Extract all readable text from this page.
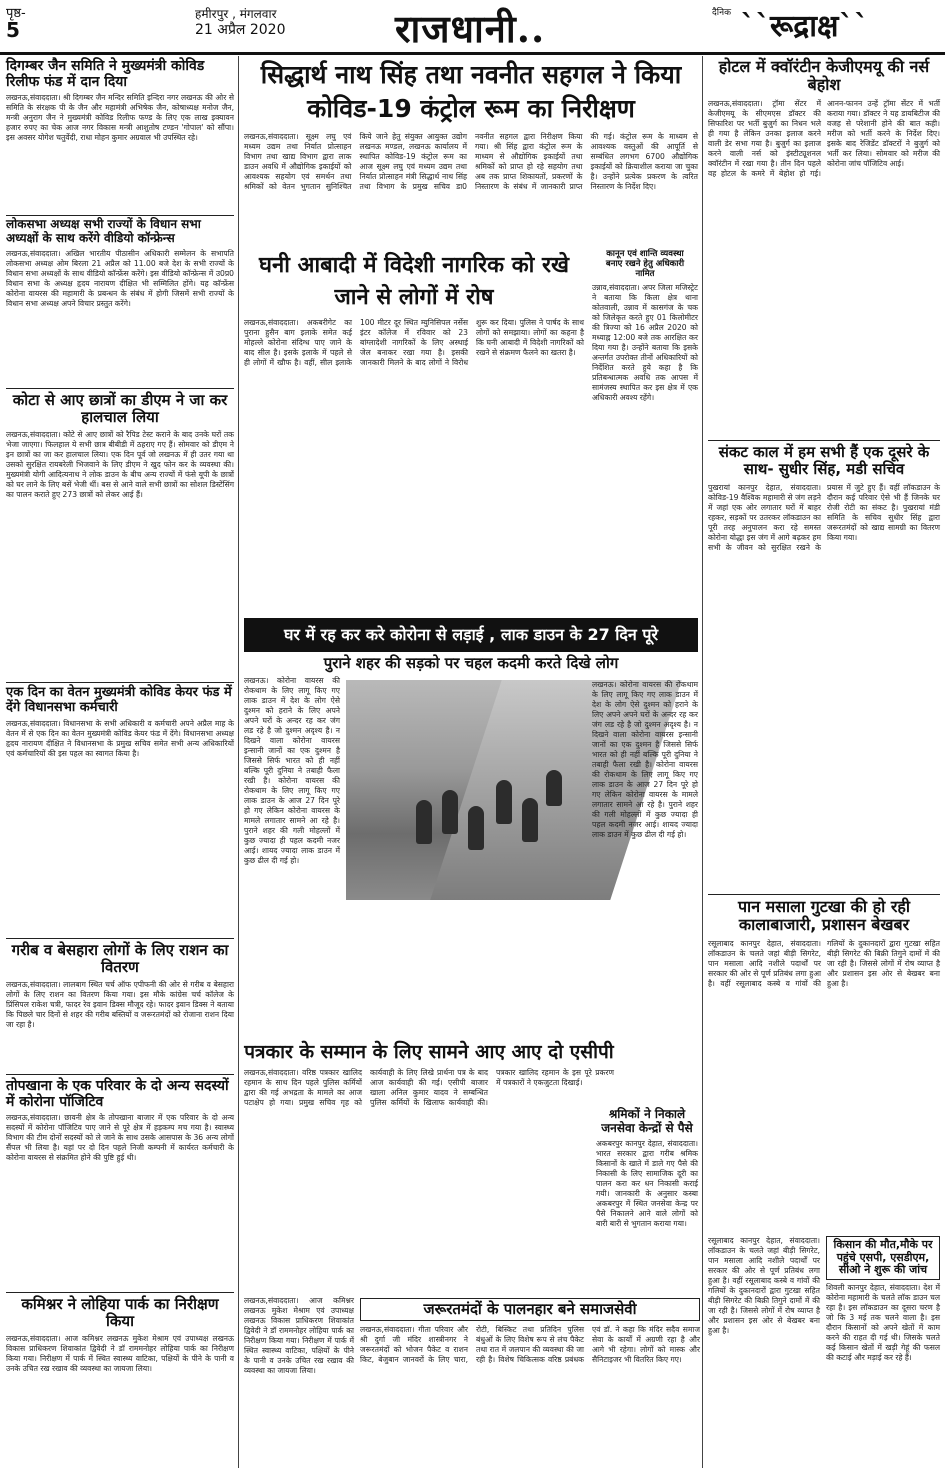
पृष्ठ-
5
हमीरपुर , मंगलवार
21 अप्रैल 2020	राजधानी..	दैनिक ``रूद्राक्ष``
दिगम्बर जैन समिति ने मुख्यमंत्री कोविड रिलीफ फंड में दान दिया
लखनऊ,संवाददाता। श्री दिगम्बर जैन मन्दिर समिति इन्दिरा नगर लखनऊ की ओर से समिति के संरक्षक पी के जैन और महामंत्री अभिषेक जैन, कोषाध्यक्ष मनोज जैन, मन्त्री अनुराग जैन ने मुख्यमंत्री कोविड रिलीफ फण्ड के लिए एक लाख इक्यावन हजार रुपए का चेक आज नगर विकास मन्त्री आशुतोष टण्डन 'गोपाल' को सौंपा। इस अवसर योगेश चतुर्वेदी, राधा मोहन कुमार अग्रवाल भी उपस्थित रहे।
लोकसभा अध्यक्ष सभी राज्यों के विधान सभा अध्यक्षों के साथ करेंगे वीडियो कॉन्फ्रेन्स
लखनऊ,संवाददाता। अखिल भारतीय पीठासीन अधिकारी सम्मेलन के सभापति लोकसभा अध्यक्ष ओम बिरला 21 अप्रैल को 11.00 बजे देश के सभी राज्यों के विधान सभा अध्यक्षों के साथ वीडियो कॉन्फ्रेंस करेंगे। इस वीडियो कॉन्फ्रेन्स में उ0प्र0 विधान सभा के अध्यक्ष हृदय नारायण दीक्षित भी सम्मिलित होंगे। यह कॉन्फ्रेंस कोरोना वायरस की महामारी के प्रबन्धन के संबंध में होगी जिसमें सभी राज्यों के विधान सभा अध्यक्ष अपने विचार प्रस्तुत करेंगे।
कोटा से आए छात्रों का डीएम ने जा कर हालचाल लिया
लखनऊ,संवाददाता। कोटे से आए छात्रों को रैपिड टेस्ट कराने के बाद उनके घरों तक भेजा जाएगा। फिलहाल ये सभी छात्र बीबीडी में ठहराए गए हैं। सोमवार को डीएम ने इन छात्रों का जा कर हालचाल लिया। एक दिन पूर्व जो लखनऊ में ही उतर गया था उसको सुरक्षित रायबरेली भिजवाने के लिए डीएम ने खुद फोन कर के व्यवस्था की। मुख्यमंत्री योगी आदित्यनाथ ने लोक डाउन के बीच अन्य राज्यों में फंसे यूपी के छात्रों को घर लाने के लिए बसें भेजी थीं। बस से आने वाले सभी छात्रों का सोशल डिस्टेंसिंग का पालन कराते हुए 273 छात्रों को लेकर आई हैं।
एक दिन का वेतन मुख्यमंत्री कोविड केयर फंड में देंगे विधानसभा कर्मचारी
लखनऊ,संवाददाता। विधानसभा के सभी अधिकारी व कर्मचारी अपने अप्रैल माह के वेतन में से एक दिन का वेतन मुख्यमंत्री कोविड केयर फंड में देंगे। विधानसभा अध्यक्ष हृदय नारायण दीक्षित ने विधानसभा के प्रमुख सचिव समेत सभी अन्य अधिकारियों एवं कर्मचारियों की इस पहल का स्वागत किया है।
गरीब व बेसहारा लोगों के लिए राशन का वितरण
लखनऊ,संवाददाता। लालबाग स्थित चर्च ऑफ एपीफनी की ओर से गरीब व बेसहारा लोगों के लिए राशन का वितरण किया गया। इस मौके कांग्रेस चर्च कॉलेज के प्रिंसिपल राकेश चत्री, फादर रेव इवान डिक्स मौजूद रहे। फादर इवान डिक्स ने बताया कि पिछले चार दिनों से शहर की गरीब बस्तियों व जरूरतमंदों को रोजाना राशन दिया जा रहा है।
तोपखाना के एक परिवार के दो अन्य सदस्यों में कोरोना पॉजिटिव
लखनऊ,संवाददाता। छावनी क्षेत्र के तोपखाना बाजार में एक परिवार के दो अन्य सदस्यों में कोरोना पॉजिटिव पाए जाने से पूरे क्षेत्र में हड़कम्प मच गया है। स्वास्थ्य विभाग की टीम दोनों सदस्यों को ले जाने के साथ उसके आसपास के 36 अन्य लोगों सैंपल भी लिया है। यहां पर दो दिन पहले निजी कम्पनी में कार्यरत कर्मचारी के कोरोना वायरस से संक्रमित होने की पुष्टि हुई थी।
कमिश्नर ने लोहिया पार्क का निरीक्षण किया
लखनऊ,संवाददाता। आज कमिश्नर लखनऊ मुकेश मेश्राम एवं उपाध्यक्ष लखनऊ विकास प्राधिकरण शिवाकांत द्विवेदी ने डॉ राममनोहर लोहिया पार्क का निरीक्षण किया गया। निरीक्षण में पार्क में स्थित स्वास्थ्य वाटिका, पक्षियों के पीने के पानी व उनके उचित रख रखाव की व्यवस्था का जायजा लिया।
सिद्धार्थ नाथ सिंह तथा नवनीत सहगल ने किया कोविड-19 कंट्रोल रूम का निरीक्षण
लखनऊ,संवाददाता। सूक्ष्म लघु एवं मध्यम उद्यम तथा निर्यात प्रोत्साहन विभाग तथा खाद्य विभाग द्वारा लाक डाउन अवधि में औद्योगिक इकाईयों को आवश्यक सहयोग एवं समर्थन तथा श्रमिकों को वेतन भुगतान सुनिश्चित किये जाने हेतु संयुक्त आयुक्त उद्योग लखनऊ मण्डल, लखनऊ कार्यालय में स्थापित कोविड-19 कंट्रोल रूम का आज सूक्ष्म लघु एवं मध्यम उद्यम तथा निर्यात प्रोत्साहन मंत्री सिद्धार्थ नाथ सिंह तथा विभाग के प्रमुख सचिव डा0 नवनीत सहगल द्वारा निरीक्षण किया गया। श्री सिंह द्वारा कंट्रोल रूम के माध्यम से औद्योगिक इकाईयों तथा श्रमिकों को प्राप्त हो रहे सहयोग तथा अब तक प्राप्त शिकायतों, प्रकरणों के निस्तारण के संबंध में जानकारी प्राप्त की गई। कंट्रोल रूम के माध्यम से आवश्यक वस्तुओं की आपूर्ति से सम्बंधित लगभग 6700 औद्योगिक इकाईयों को क्रियाशील कराया जा चुका है। उन्होंने प्रत्येक प्रकरण के त्वरित निस्तारण के निर्देश दिए।
घनी आबादी में विदेशी नागरिक को रखे जाने से लोगों में रोष
लखनऊ,संवाददाता। अकबरीगेट का पुराना हुसैन बाग इलाके समेत कई मोहल्ले कोरोना संदिग्ध पाए जाने के बाद सील है। इसके इलाके में पहले से ही लोगों में खौफ है। वहीं, सील इलाके 100 मीटर दूर स्थित म्युनिसिपल नर्सेस इंटर कॉलेज में रविवार को 23 बांग्लादेशी नागरिकों के लिए अस्थाई जेल बनाकर रखा गया है। इसकी जानकारी मिलने के बाद लोगों ने विरोध शुरू कर दिया। पुलिस ने पार्षद के साथ लोगों को समझाया। लोगों का कहना है कि घनी आबादी में विदेशी नागरिकों को रखने से संक्रमण फैलने का खतरा है।
कानून एवं शान्ति व्यवस्था
बनाए रखने हेतु अधिकारी
नामित
उन्नाव,संवाददाता। अपर जिला मजिस्ट्रेट ने बताया कि किला क्षेत्र थाना कोतवाली, उन्नाव में कासगंज के चक को जिलेकृत करते हुए 01 किलोमीटर की त्रिज्या को 16 अप्रैल 2020 को मध्याह्न 12:00 बजे तक आरक्षित कर दिया गया है। उन्होंने बताया कि इसके अन्तर्गत उपरोक्त तीनों अधिकारियों को निर्देशित करते हुये कहा है कि प्रतिबन्धात्मक अवधि तक आपस में सामंजस्य स्थापित कर इस क्षेत्र में एक अधिकारी अवश्य रहेंगे।
घर में रह कर करे कोरोना से लड़ाई , लाक डाउन के 27 दिन पूरे
पुराने शहर की सड़को पर चहल कदमी करते दिखे लोग
लखनऊ। कोरोना वायरस की रोकथाम के लिए लागू किए गए लाक डाउन में देश के लोग ऐसे दुश्मन को हराने के लिए अपने अपने घरों के अन्दर रह कर जंग लड रहे है जो दुश्मन अदृश्य है। न दिखने वाला कोरोना वायरस इन्सानी जानों का एक दुश्मन है जिससे सिर्फ भारत को ही नहीं बल्कि पूरी दुनिया ने तबाही फैला रखी है। कोरोना वायरस की रोकथाम के लिए लागू किए गए लाक डाउन के आज 27 दिन पूरे हो गए लेकिन कोरोना वायरस के मामले लगातार सामने आ रहे है। पुराने शहर की गली मोहल्लों में कुछ ज्यादा ही पहल कदमी नजर आई। शायद ज्यादा लाक डाउन में कुछ ढील दी गई हो।
लखनऊ। कोरोना वायरस की रोकथाम के लिए लागू किए गए लाक डाउन में देश के लोग ऐसे दुश्मन को हराने के लिए अपने अपने घरों के अन्दर रह कर जंग लड रहे है जो दुश्मन अदृश्य है। न दिखने वाला कोरोना वायरस इन्सानी जानों का एक दुश्मन है जिससे सिर्फ भारत को ही नहीं बल्कि पूरी दुनिया ने तबाही फैला रखी है। कोरोना वायरस की रोकथाम के लिए लागू किए गए लाक डाउन के आज 27 दिन पूरे हो गए लेकिन कोरोना वायरस के मामले लगातार सामने आ रहे है। पुराने शहर की गली मोहल्लों में कुछ ज्यादा ही पहल कदमी नजर आई। शायद ज्यादा लाक डाउन में कुछ ढील दी गई हो।
पत्रकार के सम्मान के लिए सामने आए आए दो एसीपी
लखनऊ,संवाददाता। वरिष्ठ पत्रकार खालिद रहमान के साथ दिन पहले पुलिस कर्मियों द्वारा की गई अभद्रता के मामले का आज पटाक्षेप हो गया। प्रमुख सचिव गृह को कार्यवाही के लिए लिखे प्रार्थना पत्र के बाद आज कार्यवाही की गई। एसीपी बाजार खाला अनिल कुमार यादव ने सम्बन्धित पुलिस कर्मियों के खिलाफ कार्यवाही की। पत्रकार खालिद रहमान के इस पूरे प्रकरण में पत्रकारों ने एकजुटता दिखाई।
श्रमिकों ने निकाले जनसेवा केन्द्रों से पैसे
अकबरपुर कानपुर देहात, संवाददाता। भारत सरकार द्वारा गरीब श्रमिक किसानों के खाते में डाले गए पैसे की निकासी के लिए सामाजिक दूरी का पालन करा कर धन निकासी कराई गयी। जानकारी के अनुसार कस्बा अकबरपुर में स्थित जनसेवा केन्द्र पर पैसे निकालने आने वाले लोगों को बारी बारी से भुगतान कराया गया।
जरूरतमंदों के पालनहार बने समाजसेवी
लखनऊ,संवाददाता। गीता परिवार और श्री दुर्गा जी मंदिर शास्त्रीनगर ने जरूरतमंदों को भोजन पैकेट व राशन किट, बेजुबान जानवरों के लिए चारा, रोटी, बिस्किट तथा प्रतिदिन पुलिस बंधुओं के लिए विशेष रूप से लंच पैकेट तथा रात में जलपान की व्यवस्था की जा रही है। विशेष चिकित्सक वरिष्ठ प्रबंधक एवं डॉ. ने कहा कि मंदिर सदैव समाज सेवा के कार्यों में अग्रणी रहा है और आगे भी रहेगा। लोगों को मास्क और सैनिटाइजर भी वितरित किए गए।
लखनऊ,संवाददाता। आज कमिश्नर लखनऊ मुकेश मेश्राम एवं उपाध्यक्ष लखनऊ विकास प्राधिकरण शिवाकांत द्विवेदी ने डॉ राममनोहर लोहिया पार्क का निरीक्षण किया गया। निरीक्षण में पार्क में स्थित स्वास्थ्य वाटिका, पक्षियों के पीने के पानी व उनके उचित रख रखाव की व्यवस्था का जायजा लिया।
होटल में क्वॉरंटीन केजीएमयू की नर्स बेहोश
लखनऊ,संवाददाता। ट्रॉमा सेंटर में केजीएमयू के सीएमएस डॉक्टर की सिफारिश पर भर्ती बुजुर्ग का निधन भले ही गया है लेकिन उनका इलाज करने वाली डेर सभा गया है। बुजुर्ग का इलाज करने वाली नर्स को इंस्टीट्यूशनल क्वॉरंटीन में रखा गया है। तीन दिन पहले वह होटल के कमरे में बेहोश हो गई। आनन-फानन उन्हें ट्रॉमा सेंटर में भर्ती कराया गया। डॉक्टर ने यह डायबिटीज की वजह से परेशानी होने की बात कही। मरीज को भर्ती करने के निर्देश दिए। इसके बाद रेजिडेंट डॉक्टरों ने बुजुर्ग को भर्ती कर लिया। सोमवार को मरीज की कोरोना जांच पॉजिटिव आई।
संकट काल में हम सभी हैं एक दूसरे के साथ- सुधीर सिंह, मडी सचिव
पुखरायां कानपुर देहात, संवाददाता। कोविड-19 वैश्विक महामारी से जंग लड़ने में जहां एक ओर लगातार घरों में बाहर रहकर, सड़कों पर उतरकर लॉकडाउन का पूरी तरह अनुपालन करा रहे समस्त कोरोना योद्धा इस जंग में आगे बढ़कर हम सभी के जीवन को सुरक्षित रखने के प्रयास में जुटे हुए हैं। वहीं लॉकडाउन के दौरान कई परिवार ऐसे भी हैं जिनके घर रोजी रोटी का संकट है। पुखरायां मंडी समिति के सचिव सुधीर सिंह द्वारा जरूरतमंदों को खाद्य सामग्री का वितरण किया गया।
पान मसाला गुटखा की हो रही कालाबाजारी, प्रशासन बेखबर
रसूलाबाद कानपुर देहात, संवाददाता। लॉकडाउन के चलते जहां बीड़ी सिगरेट, पान मसाला आदि नशीले पदार्थों पर सरकार की ओर से पूर्ण प्रतिबंध लगा हुआ है। वहीं रसूलाबाद कस्बे व गांवों की गलियों के दुकानदारों द्वारा गुटखा सहित बीड़ी सिगरेट की बिक्री तिगुने दामों में की जा रही है। जिससे लोगों में रोष व्याप्त है और प्रशासन इस ओर से बेखबर बना हुआ है।
किसान की मौत,मौके पर पहुंचे एसपी, एसडीएम, सीओ ने शुरू की जांच
शिवली कानपुर देहात, संवाददाता। देश में कोरोना महामारी के चलते लॉक डाउन चल रहा है। इस लॉकडाउन का दूसरा चरण है जो कि 3 मई तक चलने वाला है। इस दौरान किसानों को अपने खेतों में काम करने की राहत दी गई थी। जिसके चलते कई किसान खेतों में खड़ी गेहूं की फसल की कटाई और मड़ाई कर रहे हैं।
रसूलाबाद कानपुर देहात, संवाददाता। लॉकडाउन के चलते जहां बीड़ी सिगरेट, पान मसाला आदि नशीले पदार्थों पर सरकार की ओर से पूर्ण प्रतिबंध लगा हुआ है। वहीं रसूलाबाद कस्बे व गांवों की गलियों के दुकानदारों द्वारा गुटखा सहित बीड़ी सिगरेट की बिक्री तिगुने दामों में की जा रही है। जिससे लोगों में रोष व्याप्त है और प्रशासन इस ओर से बेखबर बना हुआ है।
